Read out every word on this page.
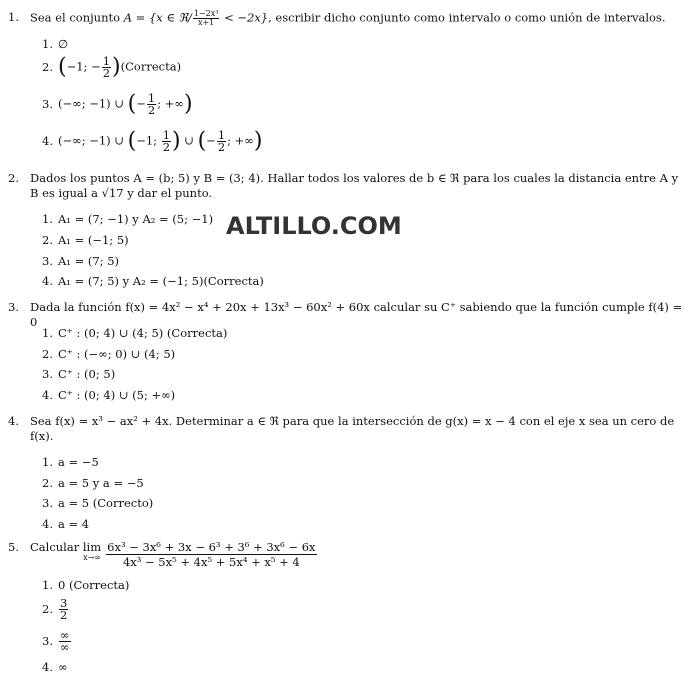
ALTILLO.COM
1. Sea el conjunto A = {x ∈ ℜ/ $\frac{\text{1−2x³}}{x+1} < -2x$}, escribir dicho conjunto como intervalo o como unión de intervalos.
1. ∅
2. (−1; − $\frac{1}{2}$ )(Correcta)
3. (−∞; −1) ∪ (− $\frac{1}{2}$ ; +∞)
4. (−∞; −1) ∪ (−1; $\frac{1}{2}$ ) ∪ (− $\frac{1}{2}$ ; +∞)
2. Dados los puntos A = (b; 5) y B = (3; 4). Hallar todos los valores de b ∈ ℜ para los cuales la distancia entre A y
B es igual a √17 y dar el punto.
1. A₁ = (7; −1) y A₂ = (5; −1)
2. A₁ = (−1; 5)
3. A₁ = (7; 5)
4. A₁ = (7; 5) y A₂ = (−1; 5)(Correcta)
3. Dada la función f(x) = 4x² − x⁴ + 20x + 13x³ − 60x² + 60x calcular su C⁺ sabiendo que la función cumple f(4) = 0
1. C⁺ : (0; 4) ∪ (4; 5) (Correcta)
2. C⁺ : (−∞; 0) ∪ (4; 5)
3. C⁺ : (0; 5)
4. C⁺ : (0; 4) ∪ (5; +∞)
4. Sea f(x) = x³ − ax² + 4x. Determinar a ∈ ℜ para que la intersección de g(x) = x − 4 con el eje x sea un cero de
f(x).
1. a = −5
2. a = 5 y a = −5
3. a = 5 (Correcto)
4. a = 4
5. Calcular lim
$x\to\infty \frac{\text{6x³ − 3x⁶ + 3x − 6³ + 3⁶ + 3x⁶ − 6x}}{\text{4x³ − 5x⁵ + 4x⁵ + 5x⁴ + x⁵ + 4}}$
1. 0 (Correcta)
2. $\frac{3}{2}$
3. $\frac{\infty}{\infty}$
4. ∞
